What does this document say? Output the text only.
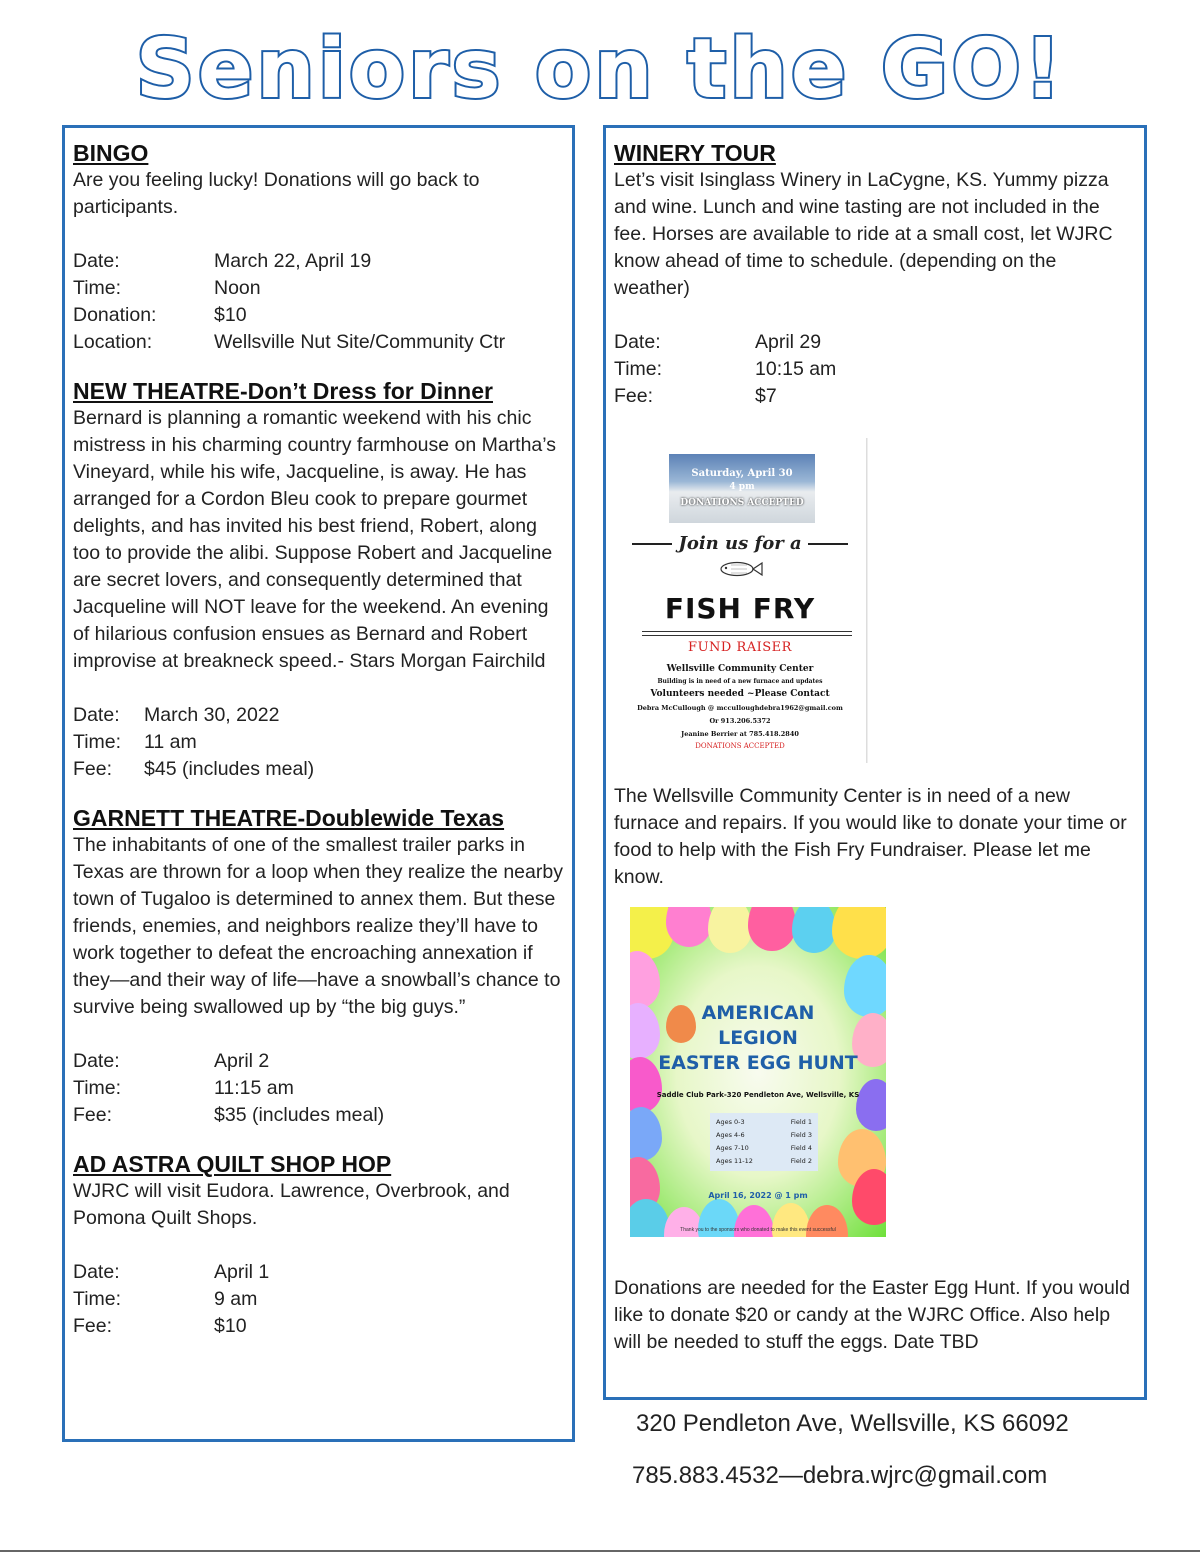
Seniors on the GO!
BINGO

Are you feeling lucky! Donations will go back to participants.

Date:	March 22, April 19
Time:	Noon
Donation:	$10
Location:	Wellsville Nut Site/Community Ctr
NEW THEATRE-Don’t Dress for Dinner

Bernard is planning a romantic weekend with his chic mistress in his charming country farmhouse on Martha’s Vineyard, while his wife, Jacqueline, is away. He has arranged for a Cordon Bleu cook to prepare gourmet delights, and has invited his best friend, Robert, along too to provide the alibi. Suppose Robert and Jacqueline are secret lovers, and consequently determined that Jacqueline will NOT leave for the weekend. An evening of hilarious confusion ensues as Bernard and Robert improvise at breakneck speed.- Stars Morgan Fairchild

Date:	March 30, 2022
Time:	11 am
Fee:	$45 (includes meal)
GARNETT THEATRE-Doublewide Texas

The inhabitants of one of the smallest trailer parks in Texas are thrown for a loop when they realize the nearby town of Tugaloo is determined to annex them. But these friends, enemies, and neighbors realize they’ll have to work together to defeat the encroaching annexation if they—and their way of life—have a snowball’s chance to survive being swallowed up by “the big guys.”

Date:	April 2
Time:	11:15 am
Fee:	$35 (includes meal)
AD ASTRA QUILT SHOP HOP

WJRC will visit Eudora. Lawrence, Overbrook, and Pomona Quilt Shops.

Date:	April 1
Time:	9 am
Fee:	$10
WINERY TOUR

Let’s visit Isinglass Winery in LaCygne, KS. Yummy pizza and wine. Lunch and wine tasting are not included in the fee. Horses are available to ride at a small cost, let WJRC know ahead of time to schedule. (depending on the weather)

Date:	April 29
Time:	10:15 am
Fee:	$7
Saturday, April 30
4 pm
DONATIONS ACCEPTED
Join us for a
FISH FRY
FUND RAISER
Wellsville Community Center
Building is in need of a new furnace and updates
Volunteers needed ~Please Contact
Debra McCullough @ mcculloughdebra1962@gmail.com
Or 913.206.5372
Jeanine Berrier at 785.418.2840
DONATIONS ACCEPTED

The Wellsville Community Center is in need of a new furnace and repairs. If you would like to donate your time or food to help with the Fish Fry Fundraiser. Please let me know.

AMERICAN
LEGION
EASTER EGG HUNT
Saddle Club Park-320 Pendleton Ave, Wellsville, KS
Ages 0-3	Field 1
Ages 4-6	Field 3
Ages 7-10	Field 4
Ages 11-12	Field 2
April 16, 2022 @ 1 pm
Thank you to the sponsors who donated to make this event successful

Donations are needed for the Easter Egg Hunt. If you would like to donate $20 or candy at the WJRC Office. Also help will be needed to stuff the eggs. Date TBD

320 Pendleton Ave, Wellsville, KS 66092
785.883.4532—debra.wjrc@gmail.com
